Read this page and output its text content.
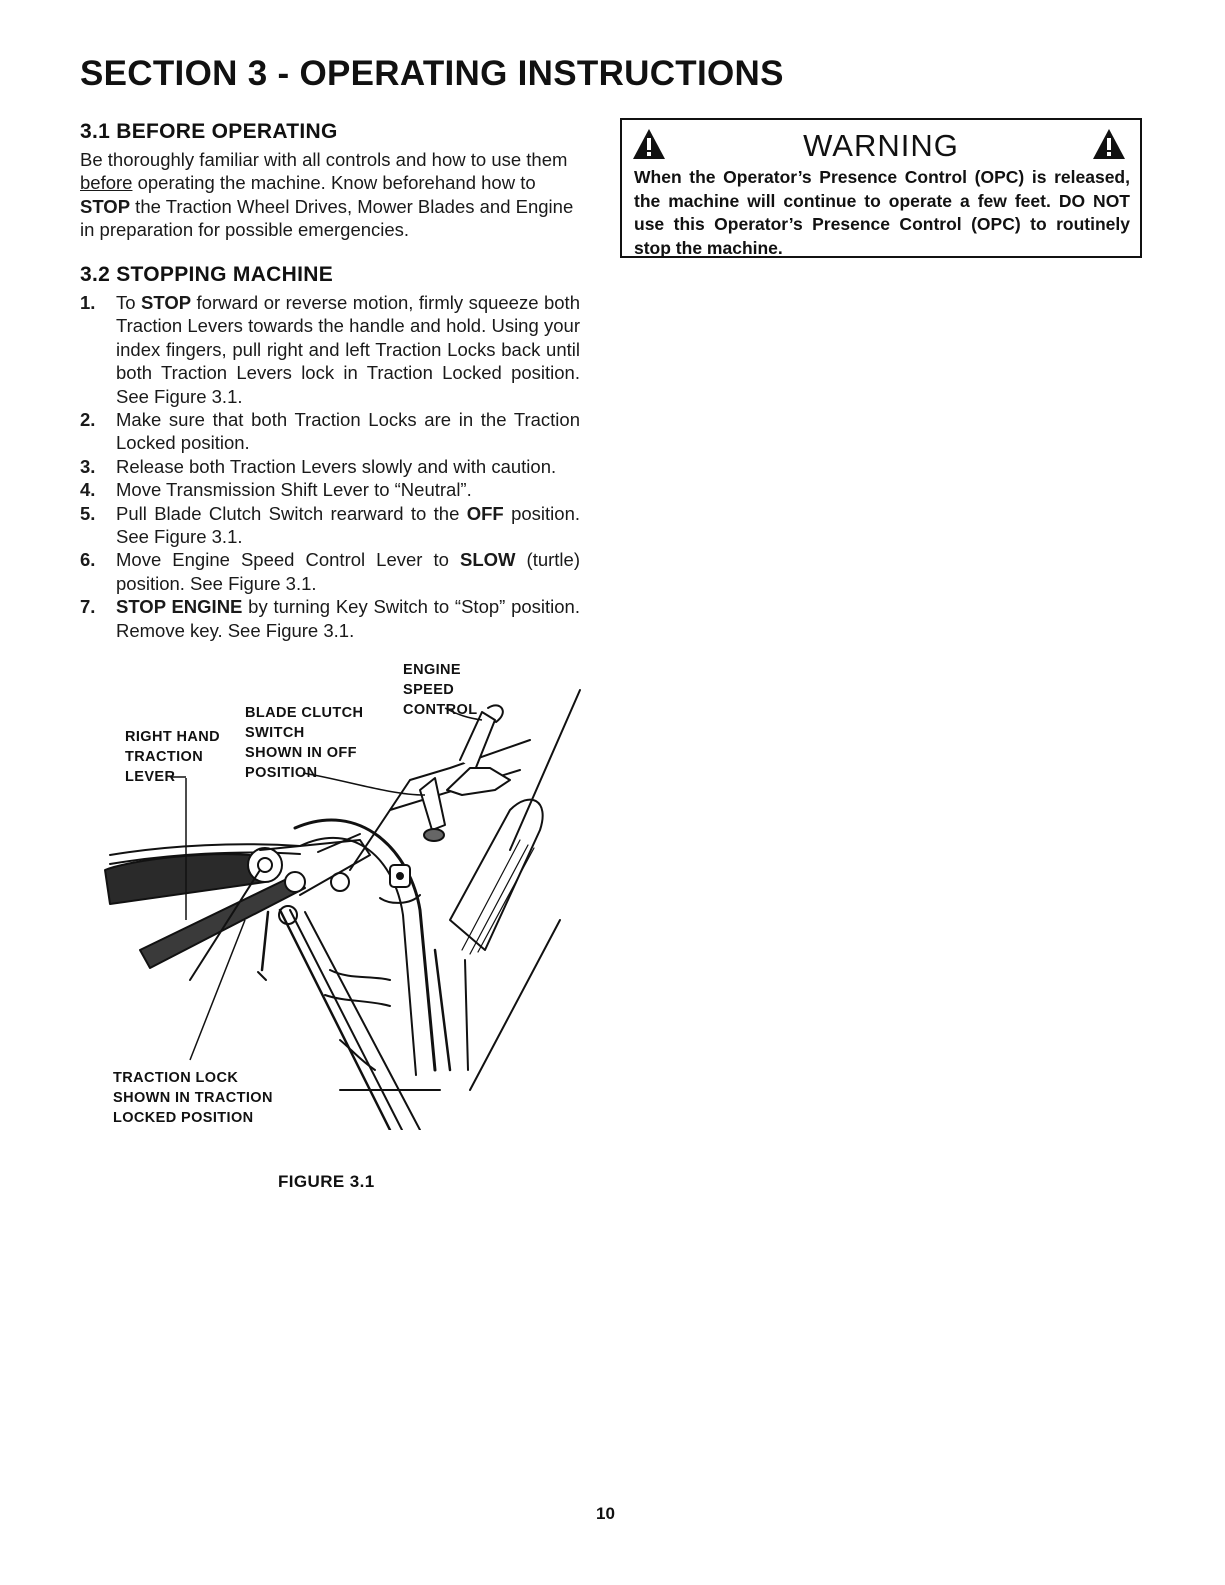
SECTION 3 - OPERATING INSTRUCTIONS
3.1 BEFORE OPERATING
Be thoroughly familiar with all controls and how to use them before operating the machine. Know beforehand how to STOP the Traction Wheel Drives, Mower Blades and Engine in preparation for possible emergencies.
3.2 STOPPING MACHINE
1.	To STOP forward or reverse motion, firmly squeeze both Traction Levers towards the handle and hold. Using your index fingers, pull right and left Traction Locks back until both Traction Levers lock in Traction Locked position. See Figure 3.1.
2.	Make sure that both Traction Locks are in the Traction Locked position.
3.	Release both Traction Levers slowly and with caution.
4.	Move Transmission Shift Lever to “Neutral”.
5.	Pull Blade Clutch Switch rearward to the OFF position. See Figure 3.1.
6.	Move Engine Speed Control Lever to SLOW (turtle) position. See Figure 3.1.
7.	STOP ENGINE by turning Key Switch to “Stop” position. Remove key. See Figure 3.1.
WARNING
When the Operator’s Presence Control (OPC) is released, the machine will continue to operate a few feet. DO NOT use this Operator’s Presence Control (OPC) to routinely stop the machine.
ENGINE
SPEED
CONTROL
BLADE CLUTCH
SWITCH
SHOWN IN OFF
POSITION
RIGHT HAND
TRACTION
LEVER
TRACTION LOCK
SHOWN IN TRACTION
LOCKED POSITION
FIGURE 3.1
10
